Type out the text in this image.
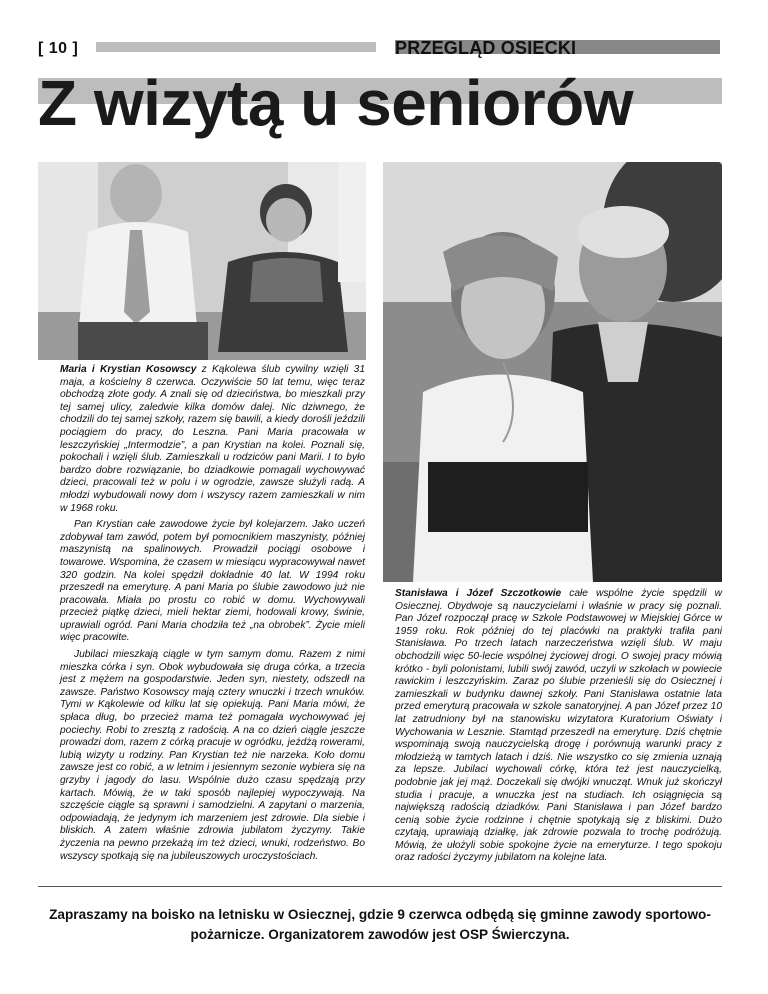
[ 10 ]	PRZEGLĄD OSIECKI
Z wizytą u seniorów

Maria i Krystian Kosowscy z Kąkolewa ślub cywilny wzięli 31 maja, a kościelny 8 czerwca. Oczywiście 50 lat temu, więc teraz obchodzą złote gody. A znali się od dzieciństwa, bo mieszkali przy tej samej ulicy, zaledwie kilka domów dalej. Nic dziwnego, że chodzili do tej samej szkoły, razem się bawili, a kiedy dorośli jeździli pociągiem do pracy, do Leszna. Pani Maria pracowała w leszczyńskiej „Intermodzie”, a pan Krystian na kolei. Poznali się, pokochali i wzięli ślub. Zamieszkali u rodziców pani Marii. I to było bardzo dobre rozwiązanie, bo dziadkowie pomagali wychowywać dzieci, pracowali też w polu i w ogrodzie, zawsze służyli radą. A młodzi wybudowali nowy dom i wszyscy razem zamieszkali w nim w 1968 roku.

Pan Krystian całe zawodowe życie był kolejarzem. Jako uczeń zdobywał tam zawód, potem był pomocnikiem maszynisty, później maszynistą na spalinowych. Prowadził pociągi osobowe i towarowe. Wspomina, że czasem w miesiącu wypracowywał nawet 320 godzin. Na kolei spędził dokładnie 40 lat. W 1994 roku przeszedł na emeryturę. A pani Maria po ślubie zawodowo już nie pracowała. Miała po prostu co robić w domu. Wychowywali przecież piątkę dzieci, mieli hektar ziemi, hodowali krowy, świnie, uprawiali ogród. Pani Maria chodziła też „na obrobek”. Życie mieli więc pracowite.

Jubilaci mieszkają ciągle w tym samym domu. Razem z nimi mieszka córka i syn. Obok wybudowała się druga córka, a trzecia jest z mężem na gospodarstwie. Jeden syn, niestety, odszedł na zawsze. Państwo Kosowscy mają cztery wnuczki i trzech wnuków. Tymi w Kąkolewie od kilku lat się opiekują. Pani Maria mówi, że spłaca dług, bo przecież mama też pomagała wychowywać jej pociechy. Robi to zresztą z radością. A na co dzień ciągle jeszcze prowadzi dom, razem z córką pracuje w ogródku, jeżdżą rowerami, lubią wizyty u rodziny. Pan Krystian też nie narzeka. Koło domu zawsze jest co robić, a w letnim i jesiennym sezonie wybiera się na grzyby i jagody do lasu. Wspólnie dużo czasu spędzają przy kartach. Mówią, że w taki sposób najlepiej wypoczywają. Na szczęście ciągle są sprawni i samodzielni. A zapytani o marzenia, odpowiadają, że jedynym ich marzeniem jest zdrowie. Dla siebie i bliskich. A zatem właśnie zdrowia jubilatom życzymy. Takie życzenia na pewno przekażą im też dzieci, wnuki, rodzeństwo. Bo wszyscy spotkają się na jubileuszowych uroczystościach.

Stanisława i Józef Szczotkowie całe wspólne życie spędzili w Osiecznej. Obydwoje są nauczycielami i właśnie w pracy się poznali. Pan Józef rozpoczął pracę w Szkole Podstawowej w Miejskiej Górce w 1959 roku. Rok później do tej placówki na praktyki trafiła pani Stanisława. Po trzech latach narzeczeństwa wzięli ślub. W maju obchodzili więc 50-lecie wspólnej życiowej drogi. O swojej pracy mówią krótko - byli polonistami, lubili swój zawód, uczyli w szkołach w powiecie rawickim i leszczyńskim. Zaraz po ślubie przenieśli się do Osiecznej i zamieszkali w budynku dawnej szkoły. Pani Stanisława ostatnie lata przed emeryturą pracowała w szkole sanatoryjnej. A pan Józef przez 10 lat zatrudniony był na stanowisku wizytatora Kuratorium Oświaty i Wychowania w Lesznie. Stamtąd przeszedł na emeryturę. Dziś chętnie wspominają swoją nauczycielską drogę i porównują warunki pracy z młodzieżą w tamtych latach i dziś. Nie wszystko co się zmienia uznają za lepsze. Jubilaci wychowali córkę, która też jest nauczycielką, podobnie jak jej mąż. Doczekali się dwójki wnucząt. Wnuk już skończył studia i pracuje, a wnuczka jest na studiach. Ich osiągnięcia są największą radością dziadków. Pani Stanisława i pan Józef bardzo cenią sobie życie rodzinne i chętnie spotykają się z bliskimi. Dużo czytają, uprawiają działkę, jak zdrowie pozwala to trochę podróżują. Mówią, że ułożyli sobie spokojne życie na emeryturze. I tego spokoju oraz radości życzymy jubilatom na kolejne lata.

Zapraszamy na boisko na letnisku w Osiecznej, gdzie 9 czerwca odbędą się gminne zawody sportowo-pożarnicze. Organizatorem zawodów jest OSP Świerczyna.
